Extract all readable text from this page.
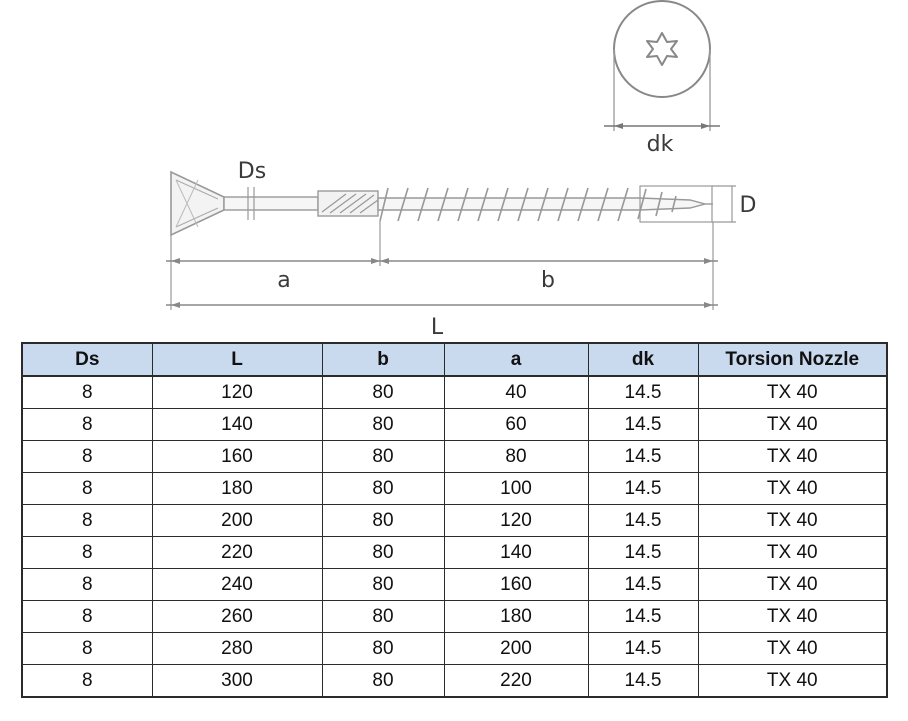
dk
D
Ds
a	b
L
Ds	L	b	a	dk	Torsion Nozzle
8	120	80	40	14.5	TX 40
8	140	80	60	14.5	TX 40
8	160	80	80	14.5	TX 40
8	180	80	100	14.5	TX 40
8	200	80	120	14.5	TX 40
8	220	80	140	14.5	TX 40
8	240	80	160	14.5	TX 40
8	260	80	180	14.5	TX 40
8	280	80	200	14.5	TX 40
8	300	80	220	14.5	TX 40
